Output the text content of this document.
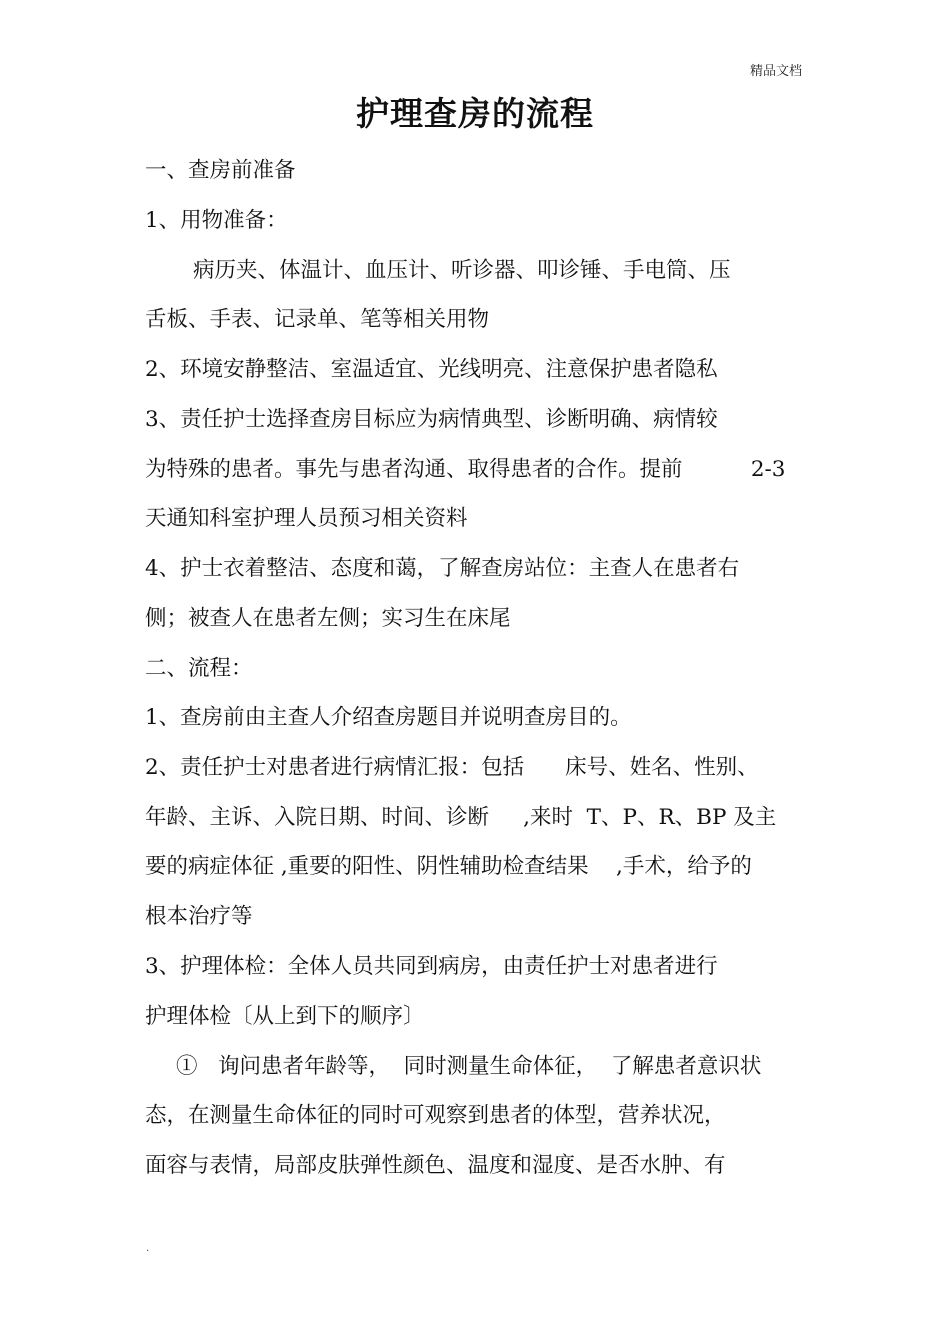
精品文档
护理查房的流程
一、查房前准备
1、用物准备：
病历夹、体温计、血压计、听诊器、叩诊锤、手电筒、压
舌板、手表、记录单、笔等相关用物
2、环境安静整洁、室温适宜、光线明亮、注意保护患者隐私
3、责任护士选择查房目标应为病情典型、诊断明确、病情较
为特殊的患者。事先与患者沟通、取得患者的合作。提前          2-3
天通知科室护理人员预习相关资料
4、护士衣着整洁、态度和蔼，了解查房站位：主查人在患者右
侧；被查人在患者左侧；实习生在床尾
二、流程：
1、查房前由主查人介绍查房题目并说明查房目的。
2、责任护士对患者进行病情汇报：包括      床号、姓名、性别、
年龄、主诉、入院日期、时间、诊断     ,来时  T、P、R、BP 及主
要的病症体征 ,重要的阳性、阴性辅助检查结果    ,手术，给予的
根本治疗等
3、护理体检：全体人员共同到病房，由责任护士对患者进行
护理体检〔从上到下的顺序〕
①   询问患者年龄等，  同时测量生命体征，  了解患者意识状
态，在测量生命体征的同时可观察到患者的体型，营养状况，
面容与表情，局部皮肤弹性颜色、温度和湿度、是否水肿、有
.
